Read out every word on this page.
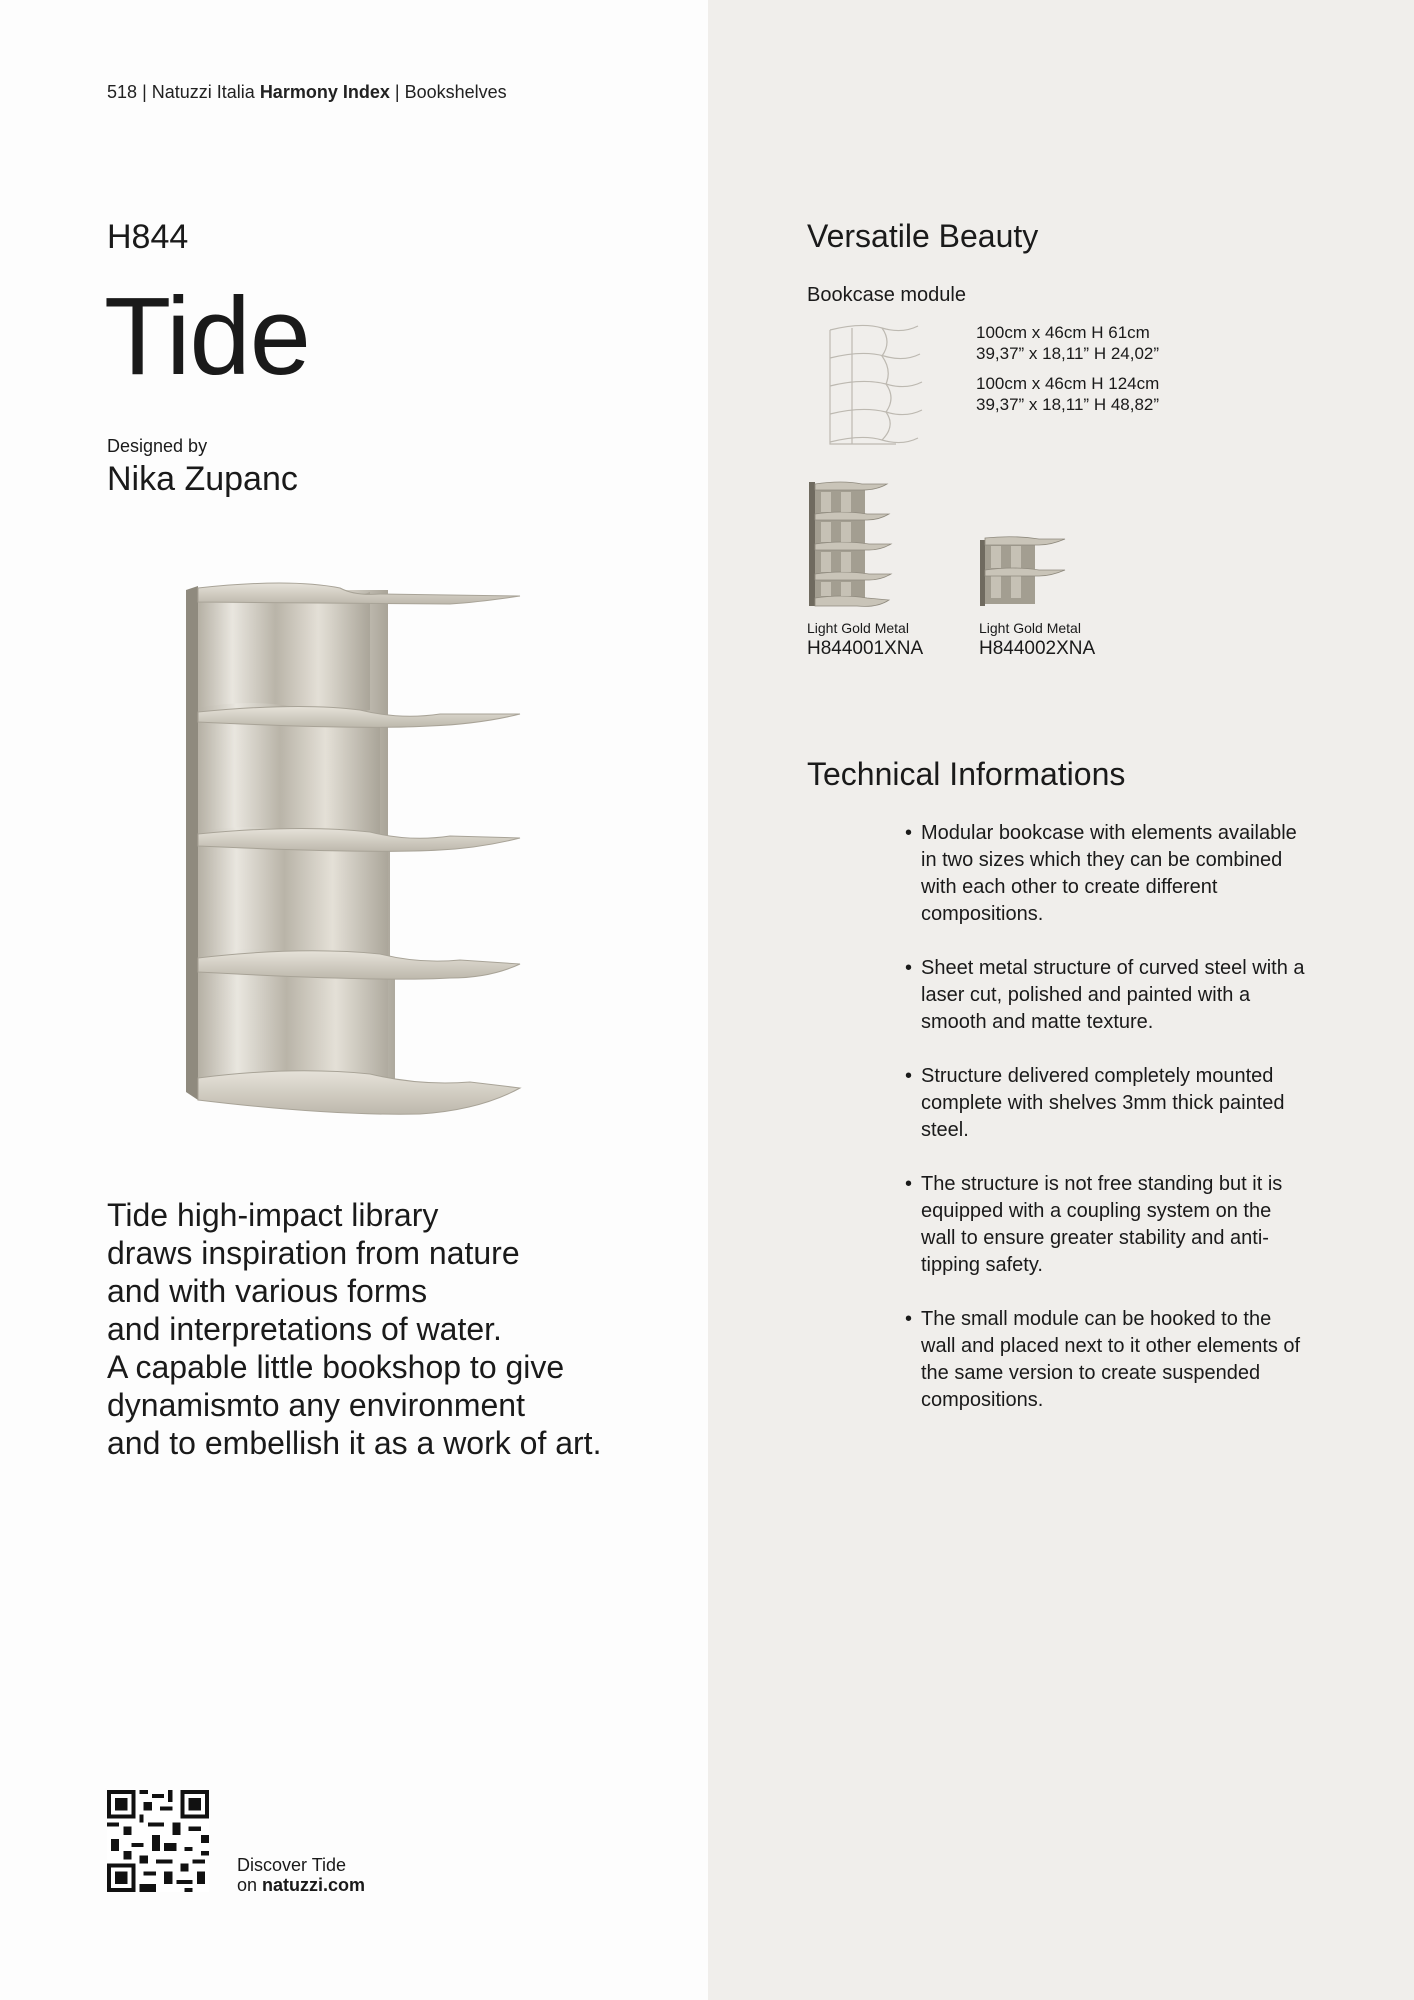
518 | Natuzzi Italia Harmony Index | Bookshelves
H844
Tide
Designed by
Nika Zupanc
Tide high-impact library
draws inspiration from nature
and with various forms
and interpretations of water.
A capable little bookshop to give
dynamismto any environment
and to embellish it as a work of art.
Discover Tide
on natuzzi.com
Versatile Beauty
Bookcase module
100cm x 46cm H 61cm
39,37” x 18,11” H 24,02”
100cm x 46cm H 124cm
39,37” x 18,11” H 48,82”
Light Gold Metal
H844001XNA
Light Gold Metal
H844002XNA
Technical Informations
• Modular bookcase with elements available in two sizes which they can be combined with each other to create different compositions.
• Sheet metal structure of curved steel with a laser cut, polished and painted with a smooth and matte texture.
• Structure delivered completely mounted complete with shelves 3mm thick painted steel.
• The structure is not free standing but it is equipped with a coupling system on the wall to ensure greater stability and anti-tipping safety.
• The small module can be hooked to the wall and placed next to it other elements of the same version to create suspended compositions.
